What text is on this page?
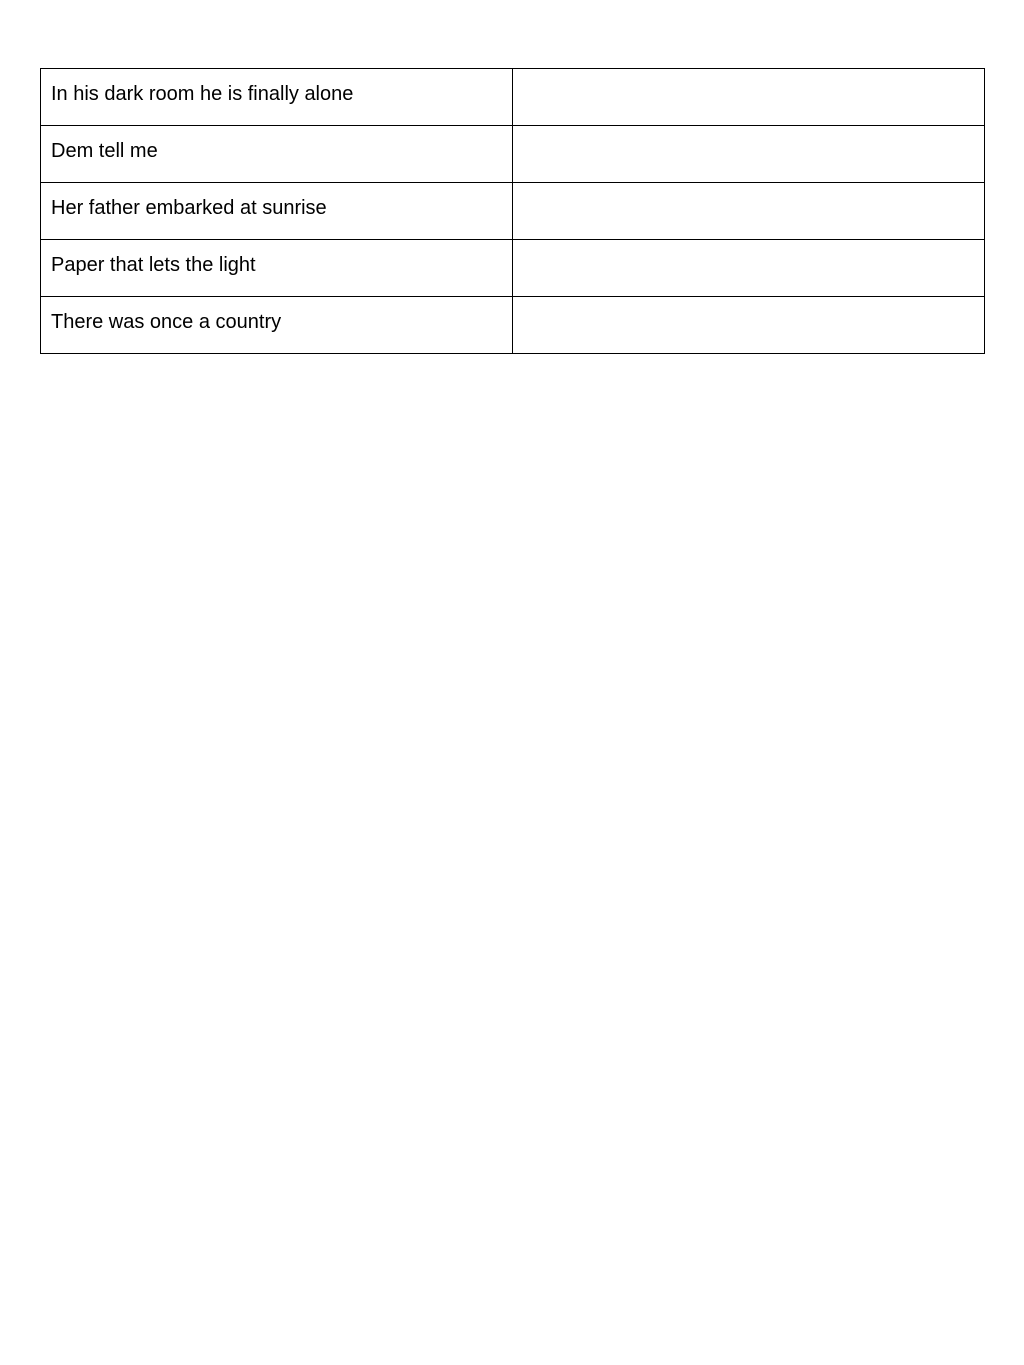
In his dark room he is finally alone	

Dem tell me	

Her father embarked at sunrise	

Paper that lets the light	

There was once a country	
